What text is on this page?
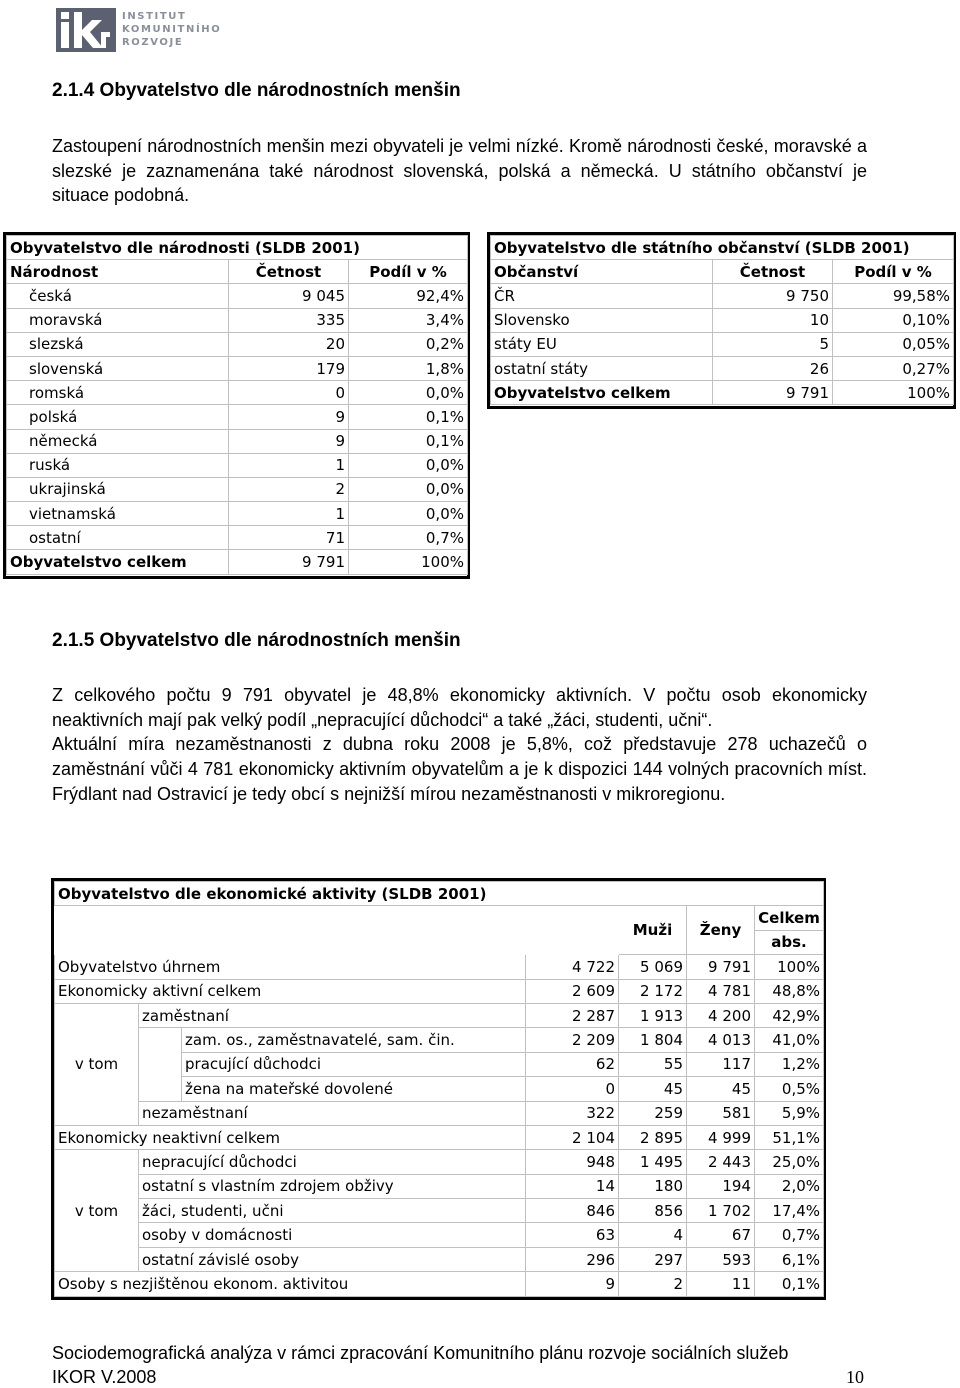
INSTITUT
KOMUNITNÍHO
ROZVOJE
2.1.4 Obyvatelstvo dle národnostních menšin

Zastoupení národnostních menšin mezi obyvateli je velmi nízké. Kromě národnosti české, moravské a slezské je zaznamenána také národnost slovenská, polská a německá. U státního občanství je situace podobná.

Obyvatelstvo dle národnosti (SLDB 2001)		
Národnost	Četnost	Podíl v %
česká	9 045	92,4%
moravská	335	3,4%
slezská	20	0,2%
slovenská	179	1,8%
romská	0	0,0%
polská	9	0,1%
německá	9	0,1%
ruská	1	0,0%
ukrajinská	2	0,0%
vietnamská	1	0,0%
ostatní	71	0,7%
Obyvatelstvo celkem	9 791	100%
Obyvatelstvo dle státního občanství (SLDB 2001)		
Občanství	Četnost	Podíl v %
ČR	9 750	99,58%
Slovensko	10	0,10%
státy EU	5	0,05%
ostatní státy	26	0,27%
Obyvatelstvo celkem	9 791	100%
2.1.5 Obyvatelstvo dle národnostních menšin

Z celkového počtu 9 791 obyvatel je 48,8% ekonomicky aktivních. V počtu osob ekonomicky neaktivních mají pak velký podíl „nepracující důchodci“ a také „žáci, studenti, učni“.

Aktuální míra nezaměstnanosti z dubna roku 2008 je 5,8%, což představuje 278 uchazečů o zaměstnání vůči 4 781 ekonomicky aktivním obyvatelům a je k dispozici 144 volných pracovních míst. Frýdlant nad Ostravicí je tedy obcí s nejnižší mírou nezaměstnanosti v mikroregionu.

Obyvatelstvo dle ekonomické aktivity (SLDB 2001)							
				Muži	Ženy	Celkem	
						abs.	
Obyvatelstvo úhrnem			4 722	5 069	9 791	100%	
Ekonomicky aktivní celkem			2 609	2 172	4 781	48,8%	
v tom	zaměstnaní		2 287	1 913	4 200	42,9%	
		zam. os., zaměstnavatelé, sam. čin.	2 209	1 804	4 013	41,0%	
		pracující důchodci	62	55	117	1,2%	
		žena na mateřské dovolené	0	45	45	0,5%	
	nezaměstnaní		322	259	581	5,9%	
Ekonomicky neaktivní celkem			2 104	2 895	4 999	51,1%	
v tom	nepracující důchodci		948	1 495	2 443	25,0%	
	ostatní s vlastním zdrojem obživy		14	180	194	2,0%	
	žáci, studenti, učni		846	856	1 702	17,4%	
	osoby v domácnosti		63	4	67	0,7%	
	ostatní závislé osoby		296	297	593	6,1%	
Osoby s nezjištěnou ekonom. aktivitou			9	2	11	0,1%	
Sociodemografická analýza v rámci zpracování Komunitního plánu rozvoje sociálních služeb
IKOR V.2008	10
